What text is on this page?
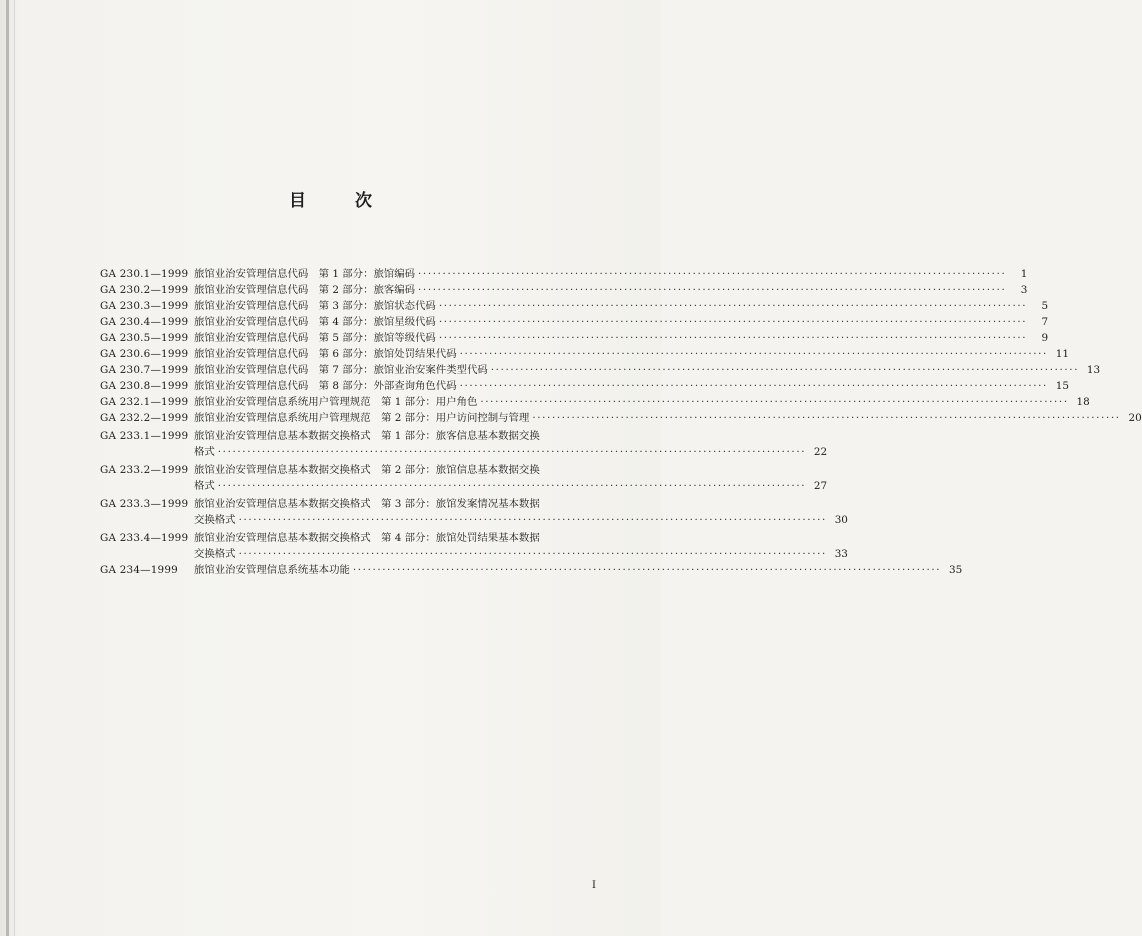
目	次
GA 230.1—1999 旅馆业治安管理信息代码　第 1 部分：旅馆编码 ························································································································	1
GA 230.2—1999 旅馆业治安管理信息代码　第 2 部分：旅客编码 ························································································································	3
GA 230.3—1999 旅馆业治安管理信息代码　第 3 部分：旅馆状态代码 ························································································································	5
GA 230.4—1999 旅馆业治安管理信息代码　第 4 部分：旅馆星级代码 ························································································································	7
GA 230.5—1999 旅馆业治安管理信息代码　第 5 部分：旅馆等级代码 ························································································································	9
GA 230.6—1999 旅馆业治安管理信息代码　第 6 部分：旅馆处罚结果代码 ························································································································ 11
GA 230.7—1999 旅馆业治安管理信息代码　第 7 部分：旅馆业治安案件类型代码 ························································································································ 13
GA 230.8—1999 旅馆业治安管理信息代码　第 8 部分：外部查询角色代码 ························································································································ 15
GA 232.1—1999 旅馆业治安管理信息系统用户管理规范　第 1 部分：用户角色 ························································································································ 18
GA 232.2—1999 旅馆业治安管理信息系统用户管理规范　第 2 部分：用户访问控制与管理 ························································································································ 20
GA 233.1—1999 旅馆业治安管理信息基本数据交换格式　第 1 部分：旅客信息基本数据交换
格式 ························································································································ 22
GA 233.2—1999 旅馆业治安管理信息基本数据交换格式　第 2 部分：旅馆信息基本数据交换
格式 ························································································································ 27
GA 233.3—1999 旅馆业治安管理信息基本数据交换格式　第 3 部分：旅馆发案情况基本数据
交换格式 ························································································································ 30
GA 233.4—1999 旅馆业治安管理信息基本数据交换格式　第 4 部分：旅馆处罚结果基本数据
交换格式 ························································································································ 33
GA 234—1999	旅馆业治安管理信息系统基本功能 ························································································································ 35
I
